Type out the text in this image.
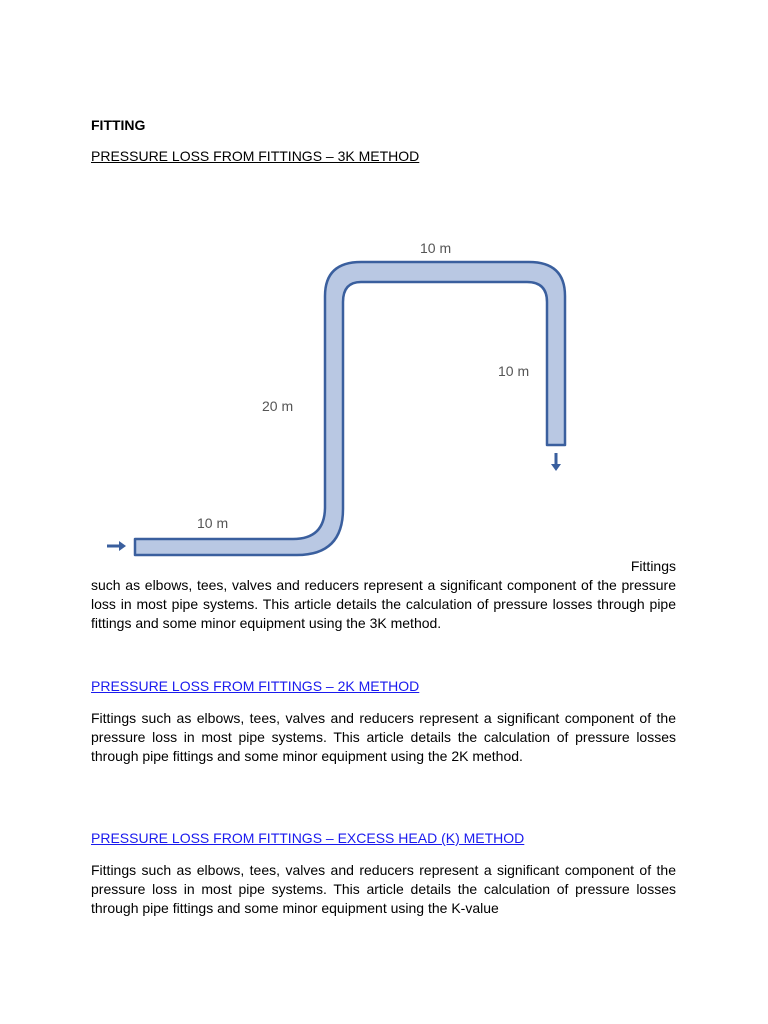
FITTING

PRESSURE LOSS FROM FITTINGS – 3K METHOD

10 m
20 m
10 m
10 m

Fittings

such as elbows, tees, valves and reducers represent a significant component of the pressure loss in most pipe systems. This article details the calculation of pressure losses through pipe fittings and some minor equipment using the 3K method.

PRESSURE LOSS FROM FITTINGS – 2K METHOD

Fittings such as elbows, tees, valves and reducers represent a significant component of the pressure loss in most pipe systems. This article details the calculation of pressure losses through pipe fittings and some minor equipment using the 2K method.

PRESSURE LOSS FROM FITTINGS – EXCESS HEAD (K) METHOD

Fittings such as elbows, tees, valves and reducers represent a significant component of the pressure loss in most pipe systems. This article details the calculation of pressure losses through pipe fittings and some minor equipment using the K-value
